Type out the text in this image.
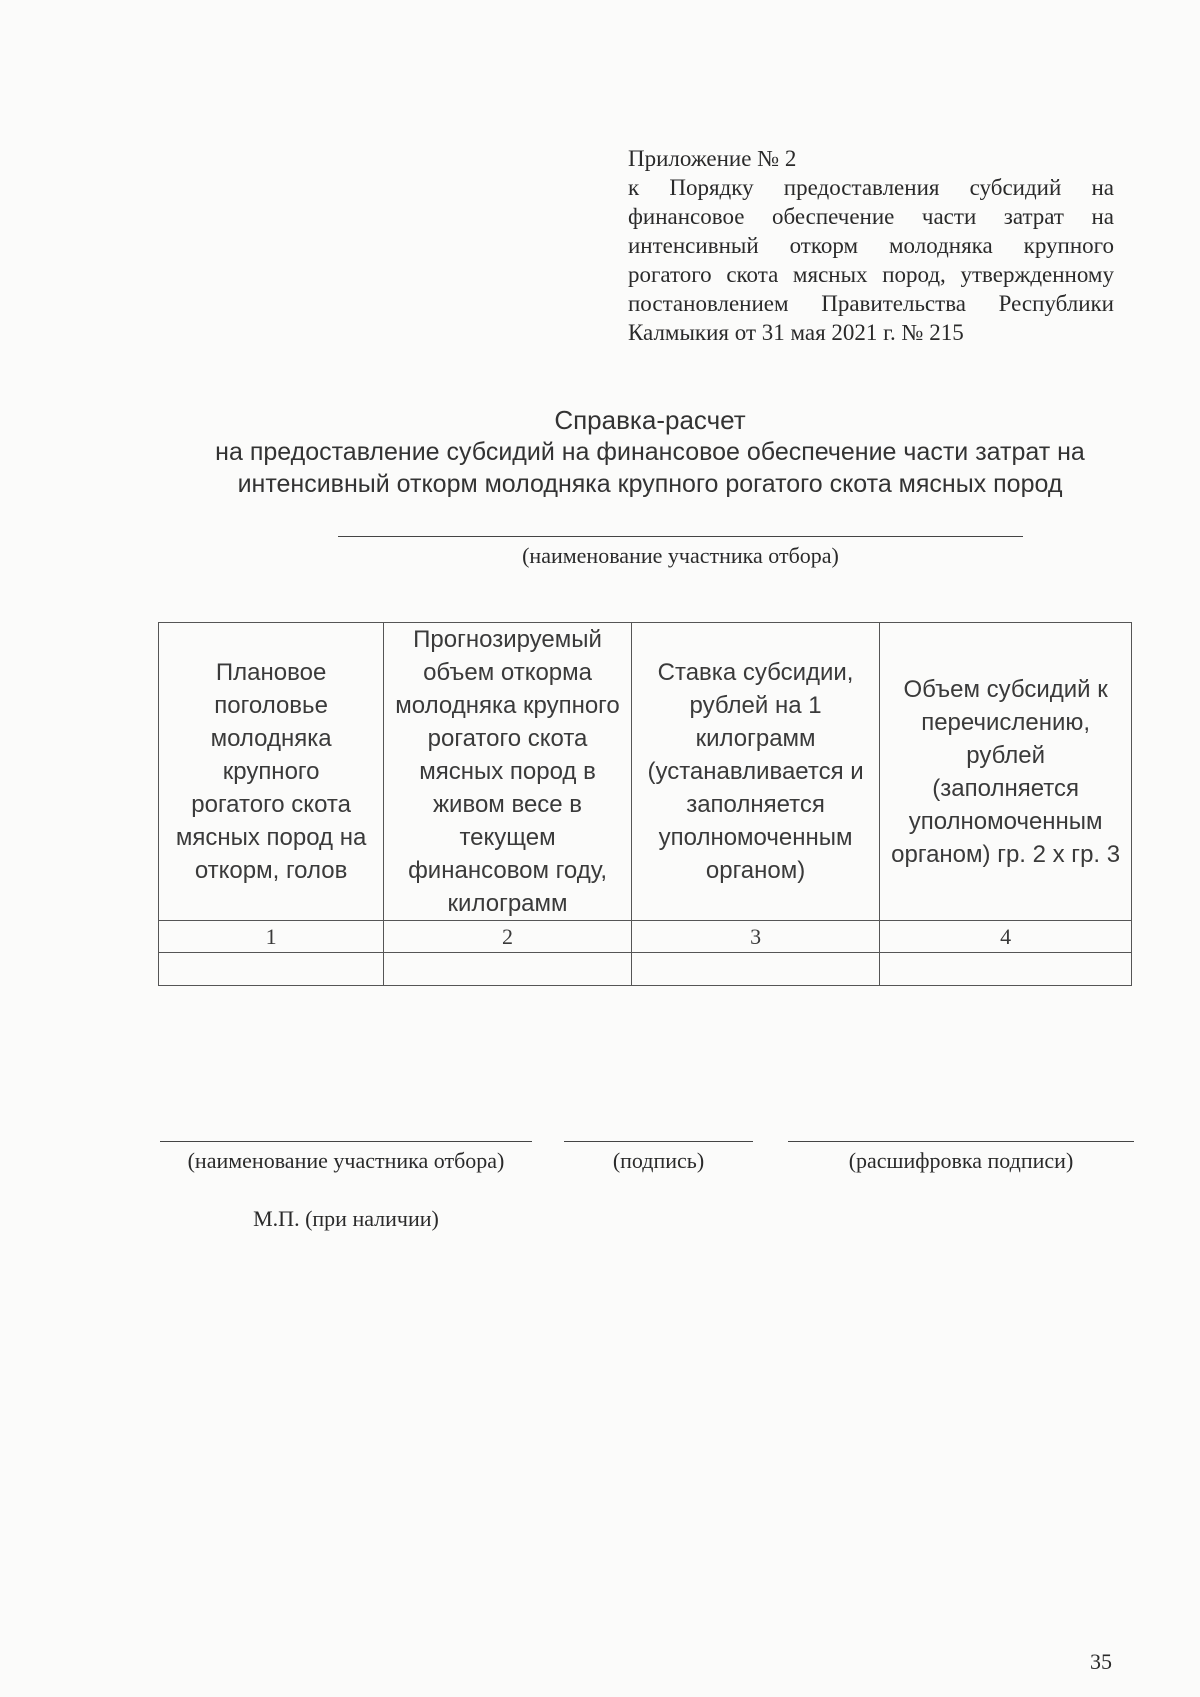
Приложение № 2
к Порядку предоставления субсидий на
финансовое обеспечение части затрат на
интенсивный откорм молодняка крупного
рогатого скота мясных пород, утвержденному
постановлением Правительства Республики
Калмыкия от 31 мая 2021 г. № 215
Справка-расчет
на предоставление субсидий на финансовое обеспечение части затрат на
интенсивный откорм молодняка крупного рогатого скота мясных пород
(наименование участника отбора)
Плановое поголовье молодняка крупного рогатого скота мясных пород на откорм, голов	Прогнозируемый объем откорма молодняка крупного рогатого скота мясных пород в живом весе в текущем финансовом году, килограмм	Ставка субсидии, рублей на 1 килограмм (устанавливается и заполняется уполномоченным органом)	Объем субсидий к перечислению, рублей (заполняется уполномоченным органом) гр. 2 х гр. 3
1	2	3	4

(наименование участника отбора)	(подпись)	(расшифровка подписи)
М.П. (при наличии)
35
